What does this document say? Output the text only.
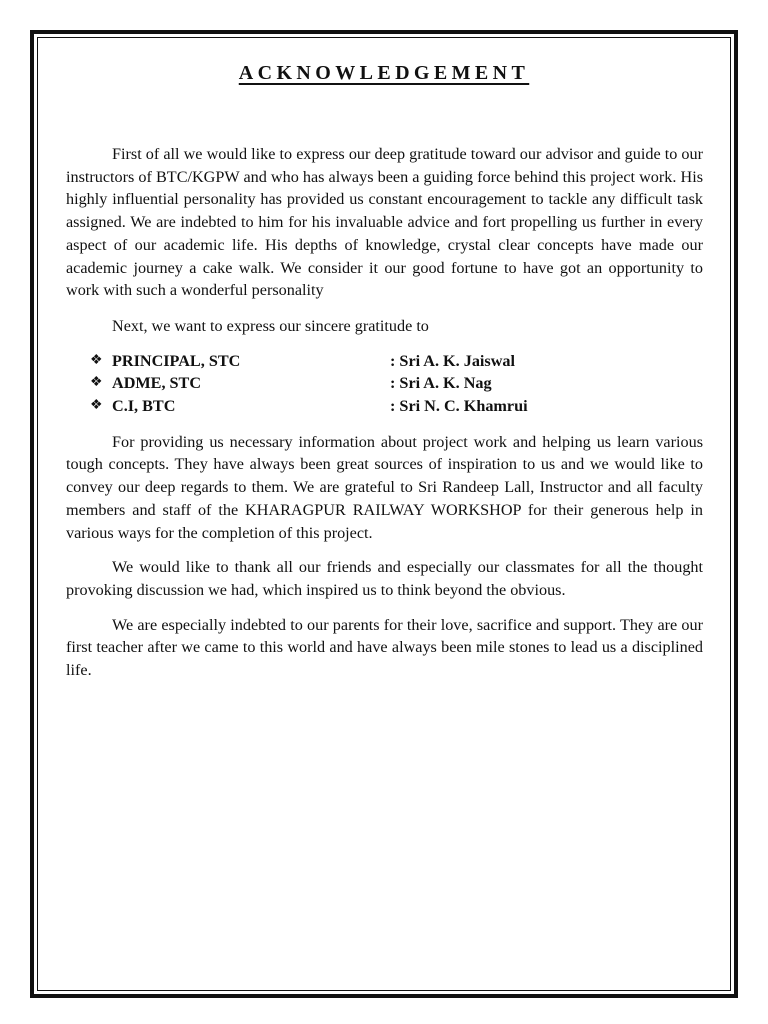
ACKNOWLEDGEMENT

First of all we would like to express our deep gratitude toward our advisor and guide to our instructors of BTC/KGPW and who has always been a guiding force behind this project work. His highly influential personality has provided us constant encouragement to tackle any difficult task assigned. We are indebted to him for his invaluable advice and fort propelling us further in every aspect of our academic life. His depths of knowledge, crystal clear concepts have made our academic journey a cake walk. We consider it our good fortune to have got an opportunity to work with such a wonderful personality

Next, we want to express our sincere gratitude to

❖ PRINCIPAL, STC	: Sri A. K. Jaiswal
❖ ADME, STC	: Sri A. K. Nag
❖ C.I, BTC	: Sri N. C. Khamrui

For providing us necessary information about project work and helping us learn various tough concepts. They have always been great sources of inspiration to us and we would like to convey our deep regards to them. We are grateful to Sri Randeep Lall, Instructor and all faculty members and staff of the KHARAGPUR RAILWAY WORKSHOP for their generous help in various ways for the completion of this project.

We would like to thank all our friends and especially our classmates for all the thought provoking discussion we had, which inspired us to think beyond the obvious.

We are especially indebted to our parents for their love, sacrifice and support. They are our first teacher after we came to this world and have always been mile stones to lead us a disciplined life.
